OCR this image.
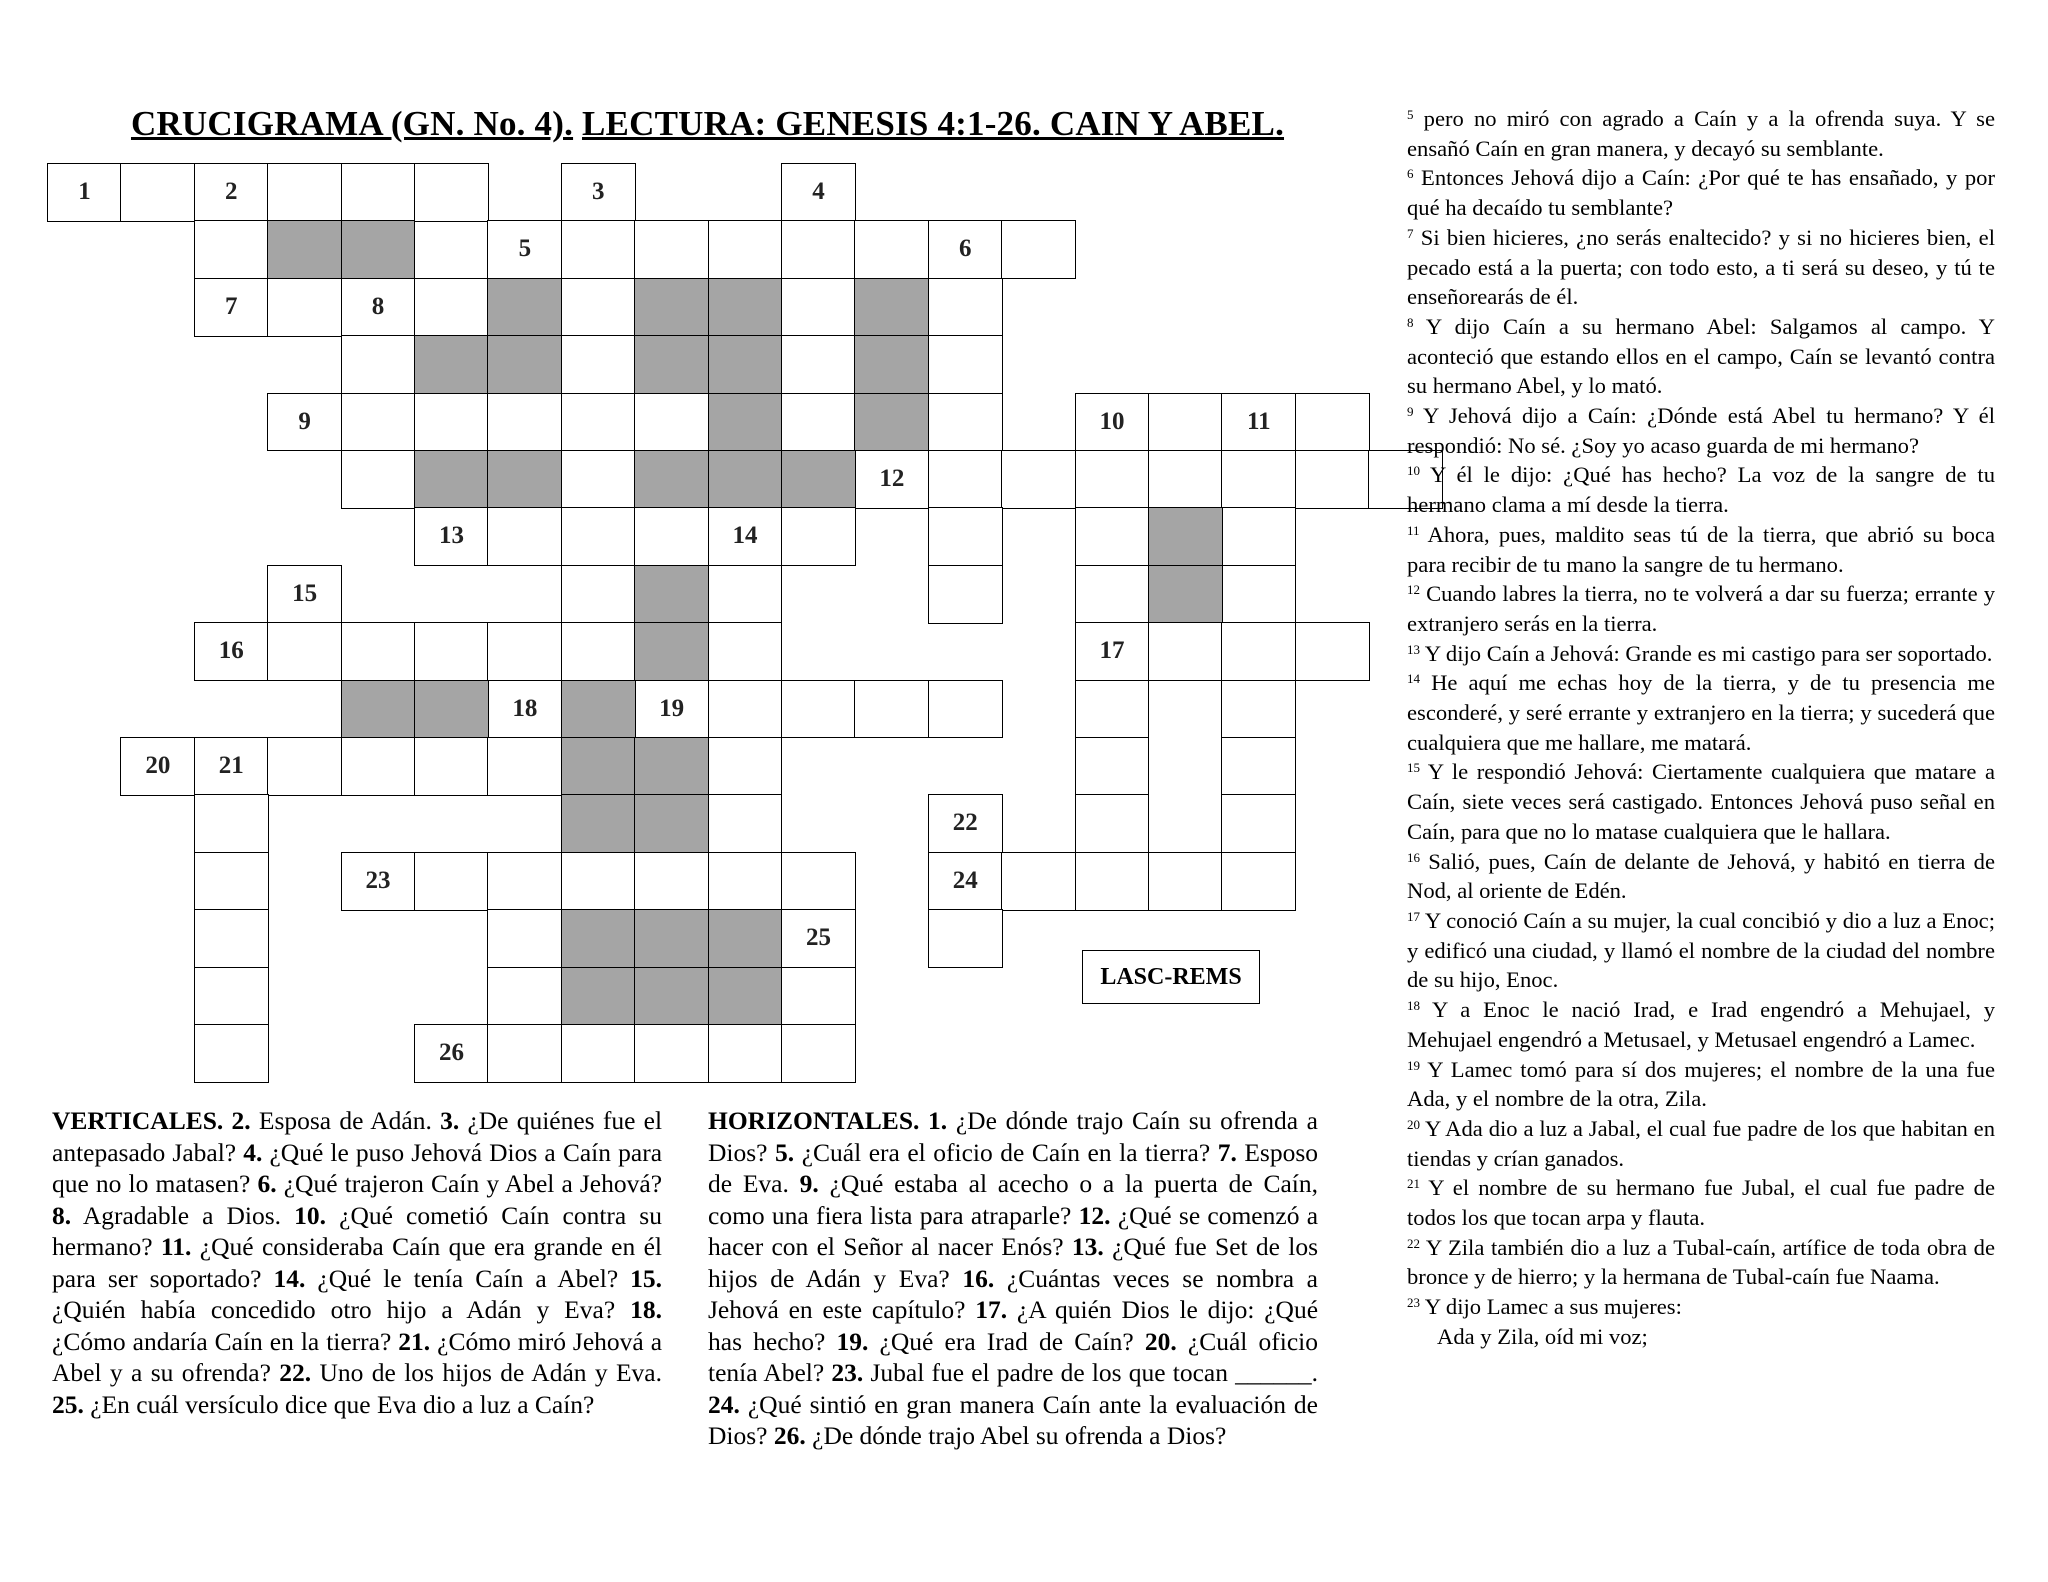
CRUCIGRAMA (GN. No. 4). LECTURA: GENESIS 4:1-26. CAIN Y ABEL.
1	2	3	4
5	6
7	8
9	10	11
12
13	14
15
16	17
18	19
20	21
22
23	24
25
26
LASC-REMS
VERTICALES. 2. Esposa de Adán. 3. ¿De quiénes fue el antepasado Jabal? 4. ¿Qué le puso Jehová Dios a Caín para que no lo matasen? 6. ¿Qué trajeron Caín y Abel a Jehová? 8. Agradable a Dios. 10. ¿Qué cometió Caín contra su hermano? 11. ¿Qué consideraba Caín que era grande en él para ser soportado? 14. ¿Qué le tenía Caín a Abel? 15. ¿Quién había concedido otro hijo a Adán y Eva? 18. ¿Cómo andaría Caín en la tierra? 21. ¿Cómo miró Jehová a Abel y a su ofrenda? 22. Uno de los hijos de Adán y Eva. 25. ¿En cuál versículo dice que Eva dio a luz a Caín?
HORIZONTALES. 1. ¿De dónde trajo Caín su ofrenda a Dios? 5. ¿Cuál era el oficio de Caín en la tierra? 7. Esposo de Eva. 9. ¿Qué estaba al acecho o a la puerta de Caín, como una fiera lista para atraparle? 12. ¿Qué se comenzó a hacer con el Señor al nacer Enós? 13. ¿Qué fue Set de los hijos de Adán y Eva? 16. ¿Cuántas veces se nombra a Jehová en este capítulo? 17. ¿A quién Dios le dijo: ¿Qué has hecho? 19. ¿Qué era Irad de Caín? 20. ¿Cuál oficio tenía Abel? 23. Jubal fue el padre de los que tocan ______. 24. ¿Qué sintió en gran manera Caín ante la evaluación de Dios? 26. ¿De dónde trajo Abel su ofrenda a Dios?
$^5$ pero no miró con agrado a Caín y a la ofrenda suya. Y se ensañó Caín en gran manera, y decayó su semblante.
$^6$ Entonces Jehová dijo a Caín: ¿Por qué te has ensañado, y por qué ha decaído tu semblante?
$^7$ Si bien hicieres, ¿no serás enaltecido? y si no hicieres bien, el pecado está a la puerta; con todo esto, a ti será su deseo, y tú te enseñorearás de él.
$^8$ Y dijo Caín a su hermano Abel: Salgamos al campo. Y aconteció que estando ellos en el campo, Caín se levantó contra su hermano Abel, y lo mató.
$^9$ Y Jehová dijo a Caín: ¿Dónde está Abel tu hermano? Y él respondió: No sé. ¿Soy yo acaso guarda de mi hermano?
$^{10}$ Y él le dijo: ¿Qué has hecho? La voz de la sangre de tu hermano clama a mí desde la tierra.
$^{11}$ Ahora, pues, maldito seas tú de la tierra, que abrió su boca para recibir de tu mano la sangre de tu hermano.
$^{12}$ Cuando labres la tierra, no te volverá a dar su fuerza; errante y extranjero serás en la tierra.
$^{13}$ Y dijo Caín a Jehová: Grande es mi castigo para ser soportado.
$^{14}$ He aquí me echas hoy de la tierra, y de tu presencia me esconderé, y seré errante y extranjero en la tierra; y sucederá que cualquiera que me hallare, me matará.
$^{15}$ Y le respondió Jehová: Ciertamente cualquiera que matare a Caín, siete veces será castigado. Entonces Jehová puso señal en Caín, para que no lo matase cualquiera que le hallara.
$^{16}$ Salió, pues, Caín de delante de Jehová, y habitó en tierra de Nod, al oriente de Edén.
$^{17}$ Y conoció Caín a su mujer, la cual concibió y dio a luz a Enoc; y edificó una ciudad, y llamó el nombre de la ciudad del nombre de su hijo, Enoc.
$^{18}$ Y a Enoc le nació Irad, e Irad engendró a Mehujael, y Mehujael engendró a Metusael, y Metusael engendró a Lamec.
$^{19}$ Y Lamec tomó para sí dos mujeres; el nombre de la una fue Ada, y el nombre de la otra, Zila.
$^{20}$ Y Ada dio a luz a Jabal, el cual fue padre de los que habitan en tiendas y crían ganados.
$^{21}$ Y el nombre de su hermano fue Jubal, el cual fue padre de todos los que tocan arpa y flauta.
$^{22}$ Y Zila también dio a luz a Tubal-caín, artífice de toda obra de bronce y de hierro; y la hermana de Tubal-caín fue Naama.
$^{23}$ Y dijo Lamec a sus mujeres:
Ada y Zila, oíd mi voz;
